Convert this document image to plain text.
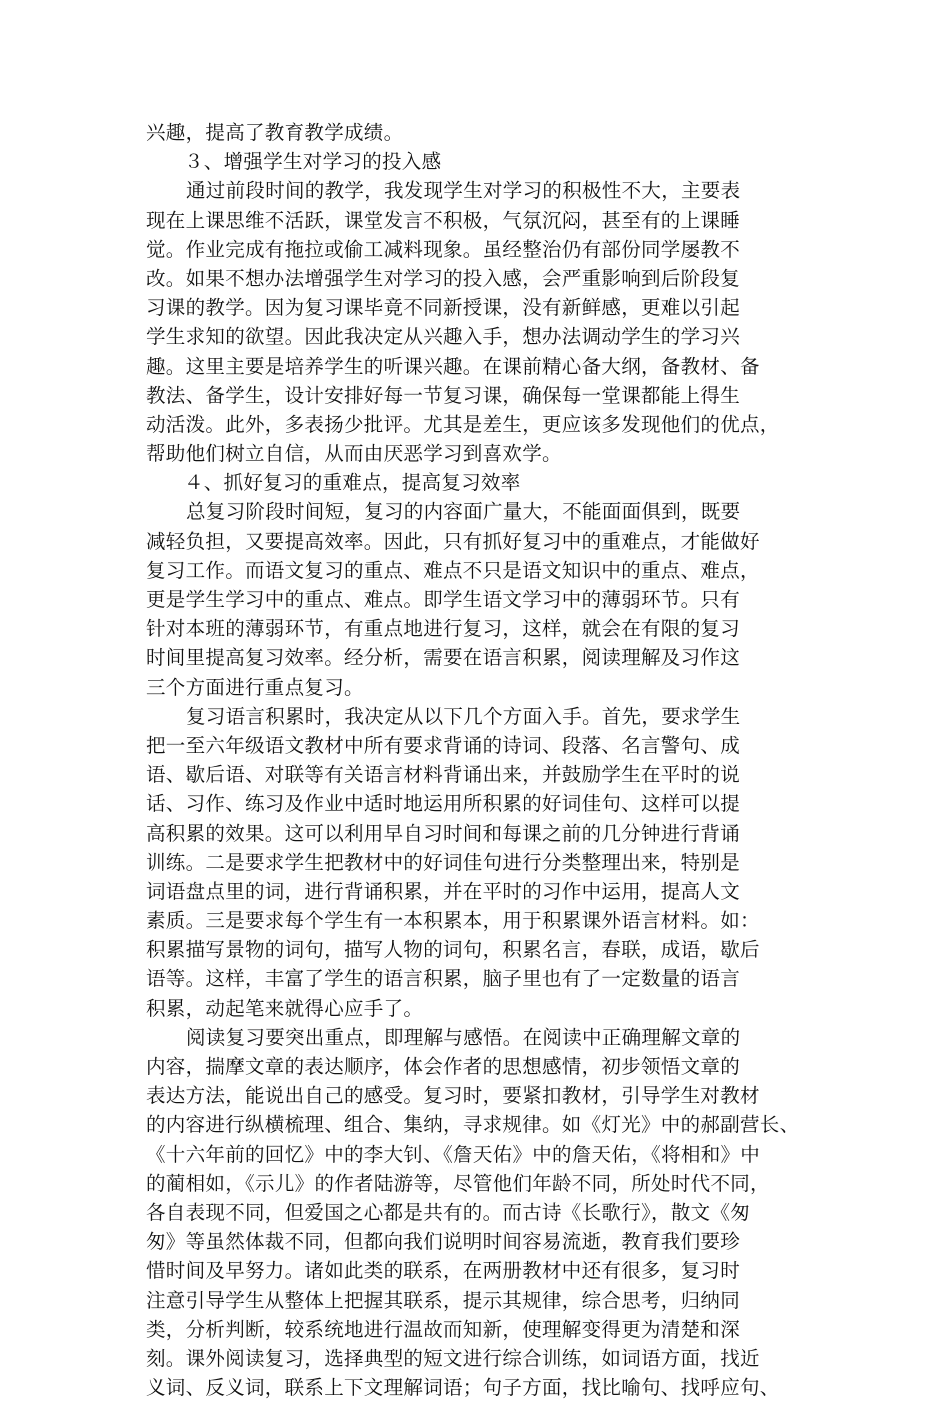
兴趣，提高了教育教学成绩。
３、增强学生对学习的投入感
通过前段时间的教学，我发现学生对学习的积极性不大，主要表
现在上课思维不活跃，课堂发言不积极，气氛沉闷，甚至有的上课睡
觉。作业完成有拖拉或偷工减料现象。虽经整治仍有部份同学屡教不
改。如果不想办法增强学生对学习的投入感，会严重影响到后阶段复
习课的教学。因为复习课毕竟不同新授课，没有新鲜感，更难以引起
学生求知的欲望。因此我决定从兴趣入手，想办法调动学生的学习兴
趣。这里主要是培养学生的听课兴趣。在课前精心备大纲，备教材、备
教法、备学生，设计安排好每一节复习课，确保每一堂课都能上得生
动活泼。此外，多表扬少批评。尤其是差生，更应该多发现他们的优点，
帮助他们树立自信，从而由厌恶学习到喜欢学。
４、抓好复习的重难点，提高复习效率
总复习阶段时间短，复习的内容面广量大，不能面面俱到，既要
减轻负担，又要提高效率。因此，只有抓好复习中的重难点，才能做好
复习工作。而语文复习的重点、难点不只是语文知识中的重点、难点，
更是学生学习中的重点、难点。即学生语文学习中的薄弱环节。只有
针对本班的薄弱环节，有重点地进行复习，这样，就会在有限的复习
时间里提高复习效率。经分析，需要在语言积累，阅读理解及习作这
三个方面进行重点复习。
复习语言积累时，我决定从以下几个方面入手。首先，要求学生
把一至六年级语文教材中所有要求背诵的诗词、段落、名言警句、成
语、歇后语、对联等有关语言材料背诵出来，并鼓励学生在平时的说
话、习作、练习及作业中适时地运用所积累的好词佳句、这样可以提
高积累的效果。这可以利用早自习时间和每课之前的几分钟进行背诵
训练。二是要求学生把教材中的好词佳句进行分类整理出来，特别是
词语盘点里的词，进行背诵积累，并在平时的习作中运用，提高人文
素质。三是要求每个学生有一本积累本，用于积累课外语言材料。如：
积累描写景物的词句，描写人物的词句，积累名言，春联，成语，歇后
语等。这样，丰富了学生的语言积累，脑子里也有了一定数量的语言
积累，动起笔来就得心应手了。
阅读复习要突出重点，即理解与感悟。在阅读中正确理解文章的
内容，揣摩文章的表达顺序，体会作者的思想感情，初步领悟文章的
表达方法，能说出自己的感受。复习时，要紧扣教材，引导学生对教材
的内容进行纵横梳理、组合、集纳，寻求规律。如《灯光》中的郝副营长、
《十六年前的回忆》中的李大钊、《詹天佑》中的詹天佑，《将相和》中
的蔺相如，《示儿》的作者陆游等，尽管他们年龄不同，所处时代不同，
各自表现不同，但爱国之心都是共有的。而古诗《长歌行》，散文《匆
匆》等虽然体裁不同，但都向我们说明时间容易流逝，教育我们要珍
惜时间及早努力。诸如此类的联系，在两册教材中还有很多，复习时
注意引导学生从整体上把握其联系，提示其规律，综合思考，归纳同
类，分析判断，较系统地进行温故而知新，使理解变得更为清楚和深
刻。课外阅读复习，选择典型的短文进行综合训练，如词语方面，找近
义词、反义词，联系上下文理解词语；句子方面，找比喻句、找呼应句、
